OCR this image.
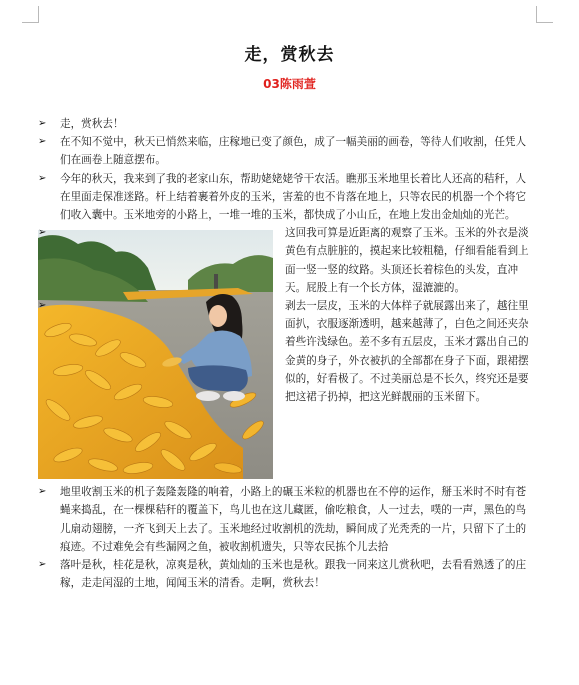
走，赏秋去
03陈雨萱
➢	走，赏秋去！
➢	在不知不觉中，秋天已悄然来临，庄稼地已变了颜色，成了一幅美丽的画卷，等待人们收割，任凭人们在画卷上随意摆布。
➢	今年的秋天，我来到了我的老家山东，帮助姥姥姥爷干农活。瞧那玉米地里长着比人还高的秸秆，人在里面走保准迷路。杆上结着裹着外皮的玉米，害羞的也不肯落在地上，只等农民的机器一个个将它们收入囊中。玉米地旁的小路上，一堆一堆的玉米，都快成了小山丘，在地上发出金灿灿的光芒。
➢	这回我可算是近距离的观察了玉米。玉米的外衣是淡黄色有点脏脏的，摸起来比较粗糙，仔细看能看到上面一竖一竖的纹路。头顶还长着棕色的头发，直冲天。屁股上有一个长方体，湿漉漉的。
➢	剥去一层皮，玉米的大体样子就展露出来了，越往里面扒，衣服逐渐透明，越来越薄了，白色之间还夹杂着些许浅绿色。差不多有五层皮，玉米才露出自己的金黄的身子，外衣被扒的全部都在身子下面，跟裙摆似的，好看极了。不过美丽总是不长久，终究还是要把这裙子扔掉，把这光鲜靓丽的玉米留下。
➢	地里收割玉米的机子轰隆轰隆的响着，小路上的碾玉米粒的机器也在不停的运作，掰玉米时不时有苍蝇来捣乱，在一棵棵秸秆的覆盖下，鸟儿也在这儿藏匿，偷吃粮食，人一过去，噗的一声，黑色的鸟儿扇动翅膀，一齐飞到天上去了。玉米地经过收割机的洗劫，瞬间成了光秃秃的一片，只留下了土的痕迹。不过难免会有些漏网之鱼，被收割机遗失，只等农民拣个儿去拾
➢	落叶是秋，桂花是秋，凉爽是秋，黄灿灿的玉米也是秋。跟我一同来这儿赏秋吧，去看看熟透了的庄稼，走走闰湿的土地，闻闻玉米的清香。走啊，赏秋去！
